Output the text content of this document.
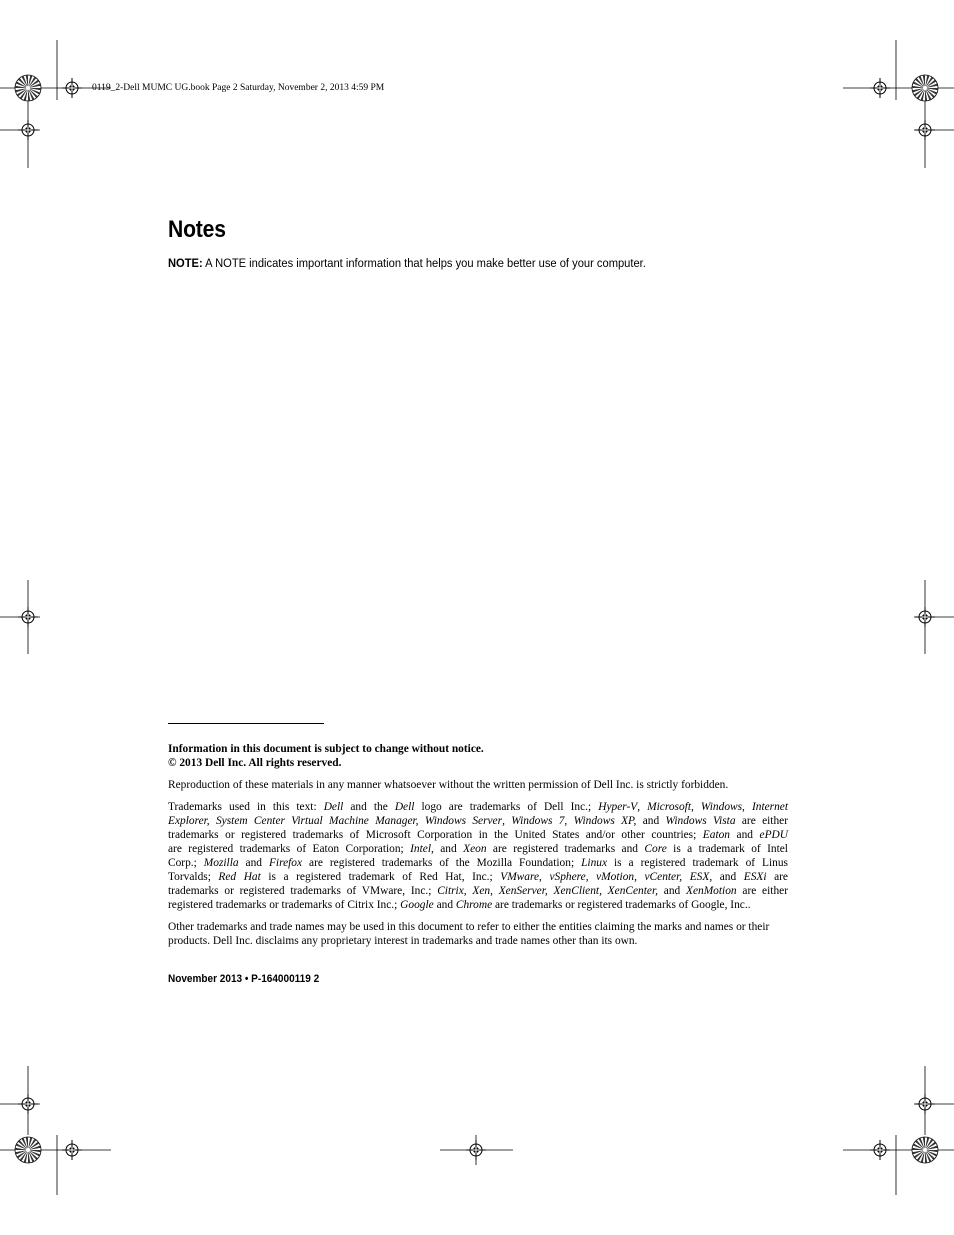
0119_2-Dell MUMC UG.book Page 2 Saturday, November 2, 2013 4:59 PM
Notes
NOTE: A NOTE indicates important information that helps you make better use of your computer.

Information in this document is subject to change without notice.

© 2013 Dell Inc. All rights reserved.

Reproduction of these materials in any manner whatsoever without the written permission of Dell Inc. is strictly forbidden.

Trademarks used in this text: Dell and the Dell logo are trademarks of Dell Inc.; Hyper-V, Microsoft, Windows, Internet
Explorer, System Center Virtual Machine Manager, Windows Server, Windows 7, Windows XP, and Windows Vista are either
trademarks or registered trademarks of Microsoft Corporation in the United States and/or other countries; Eaton and ePDU
are registered trademarks of Eaton Corporation; Intel, and Xeon are registered trademarks and Core is a trademark of Intel
Corp.; Mozilla and Firefox are registered trademarks of the Mozilla Foundation; Linux is a registered trademark of Linus
Torvalds; Red Hat is a registered trademark of Red Hat, Inc.; VMware, vSphere, vMotion, vCenter, ESX, and ESXi are
trademarks or registered trademarks of VMware, Inc.; Citrix, Xen, XenServer, XenClient, XenCenter, and XenMotion are either
registered trademarks or trademarks of Citrix Inc.; Google and Chrome are trademarks or registered trademarks of Google, Inc..

Other trademarks and trade names may be used in this document to refer to either the entities claiming the marks and names or their products. Dell Inc. disclaims any proprietary interest in trademarks and trade names other than its own.

November 2013 • P-164000119 2
